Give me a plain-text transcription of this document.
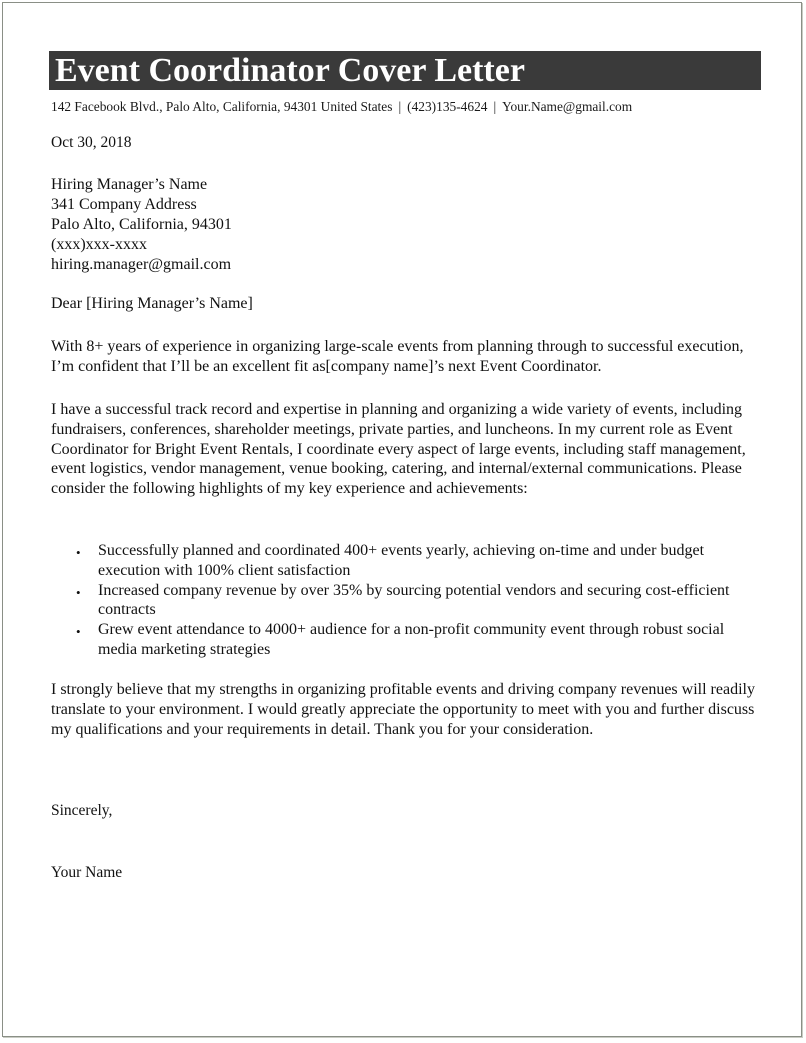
Event Coordinator Cover Letter
142 Facebook Blvd., Palo Alto, California, 94301 United States | (423)135-4624 | Your.Name@gmail.com
Oct 30, 2018
Hiring Manager’s Name
341 Company Address
Palo Alto, California, 94301
(xxx)xxx-xxxx
hiring.manager@gmail.com
Dear [Hiring Manager’s Name]
With 8+ years of experience in organizing large-scale events from planning through to successful execution, I’m confident that I’ll be an excellent fit as[company name]’s next Event Coordinator.
I have a successful track record and expertise in planning and organizing a wide variety of events, including fundraisers, conferences, shareholder meetings, private parties, and luncheons. In my current role as Event Coordinator for Bright Event Rentals, I coordinate every aspect of large events, including staff management, event logistics, vendor management, venue booking, catering, and internal/external communications. Please consider the following highlights of my key experience and achievements:
• Successfully planned and coordinated 400+ events yearly, achieving on-time and under budget execution with 100% client satisfaction
• Increased company revenue by over 35% by sourcing potential vendors and securing cost-efficient contracts
• Grew event attendance to 4000+ audience for a non-profit community event through robust social media marketing strategies
I strongly believe that my strengths in organizing profitable events and driving company revenues will readily translate to your environment. I would greatly appreciate the opportunity to meet with you and further discuss my qualifications and your requirements in detail. Thank you for your consideration.
Sincerely,
Your Name
